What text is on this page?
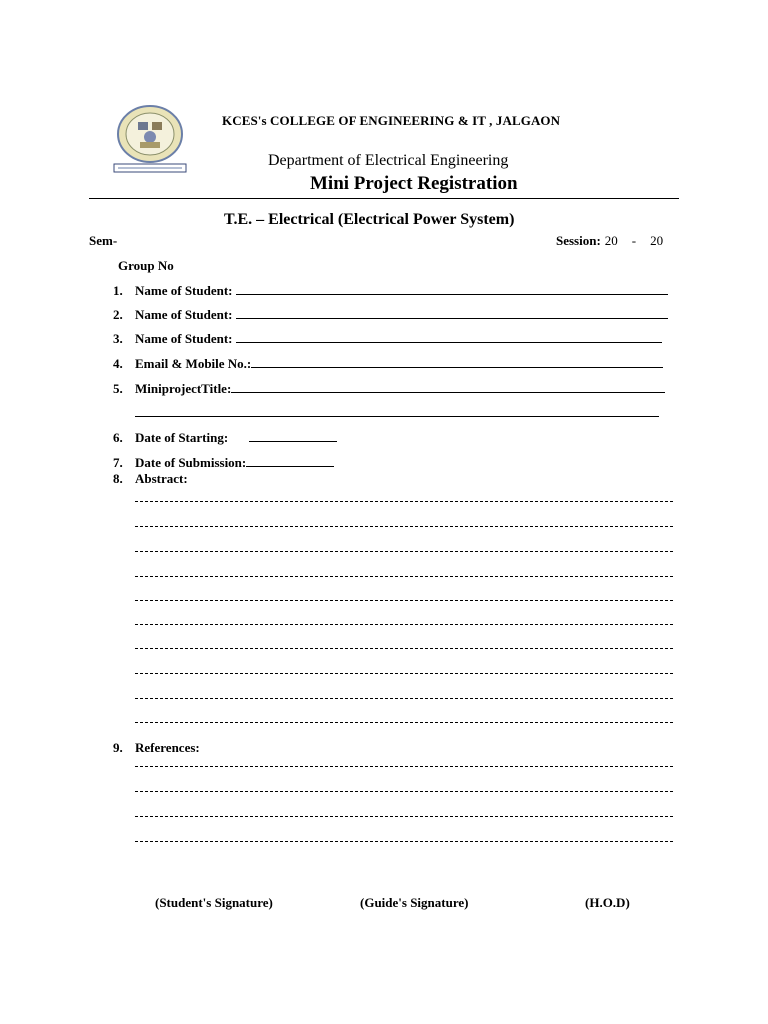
KCES's COLLEGE OF ENGINEERING & IT , JALGAON
Department of Electrical Engineering
Mini Project Registration
T.E. – Electrical (Electrical Power System)
Sem-	Session: 20 - 20
Group No
1. Name of Student:
2. Name of Student:
3. Name of Student:
4. Email & Mobile No.:
5. MiniprojectTitle:
6. Date of Starting:
7. Date of Submission:
8. Abstract:
9. References:
(Student's Signature)	(Guide's Signature)	(H.O.D)
